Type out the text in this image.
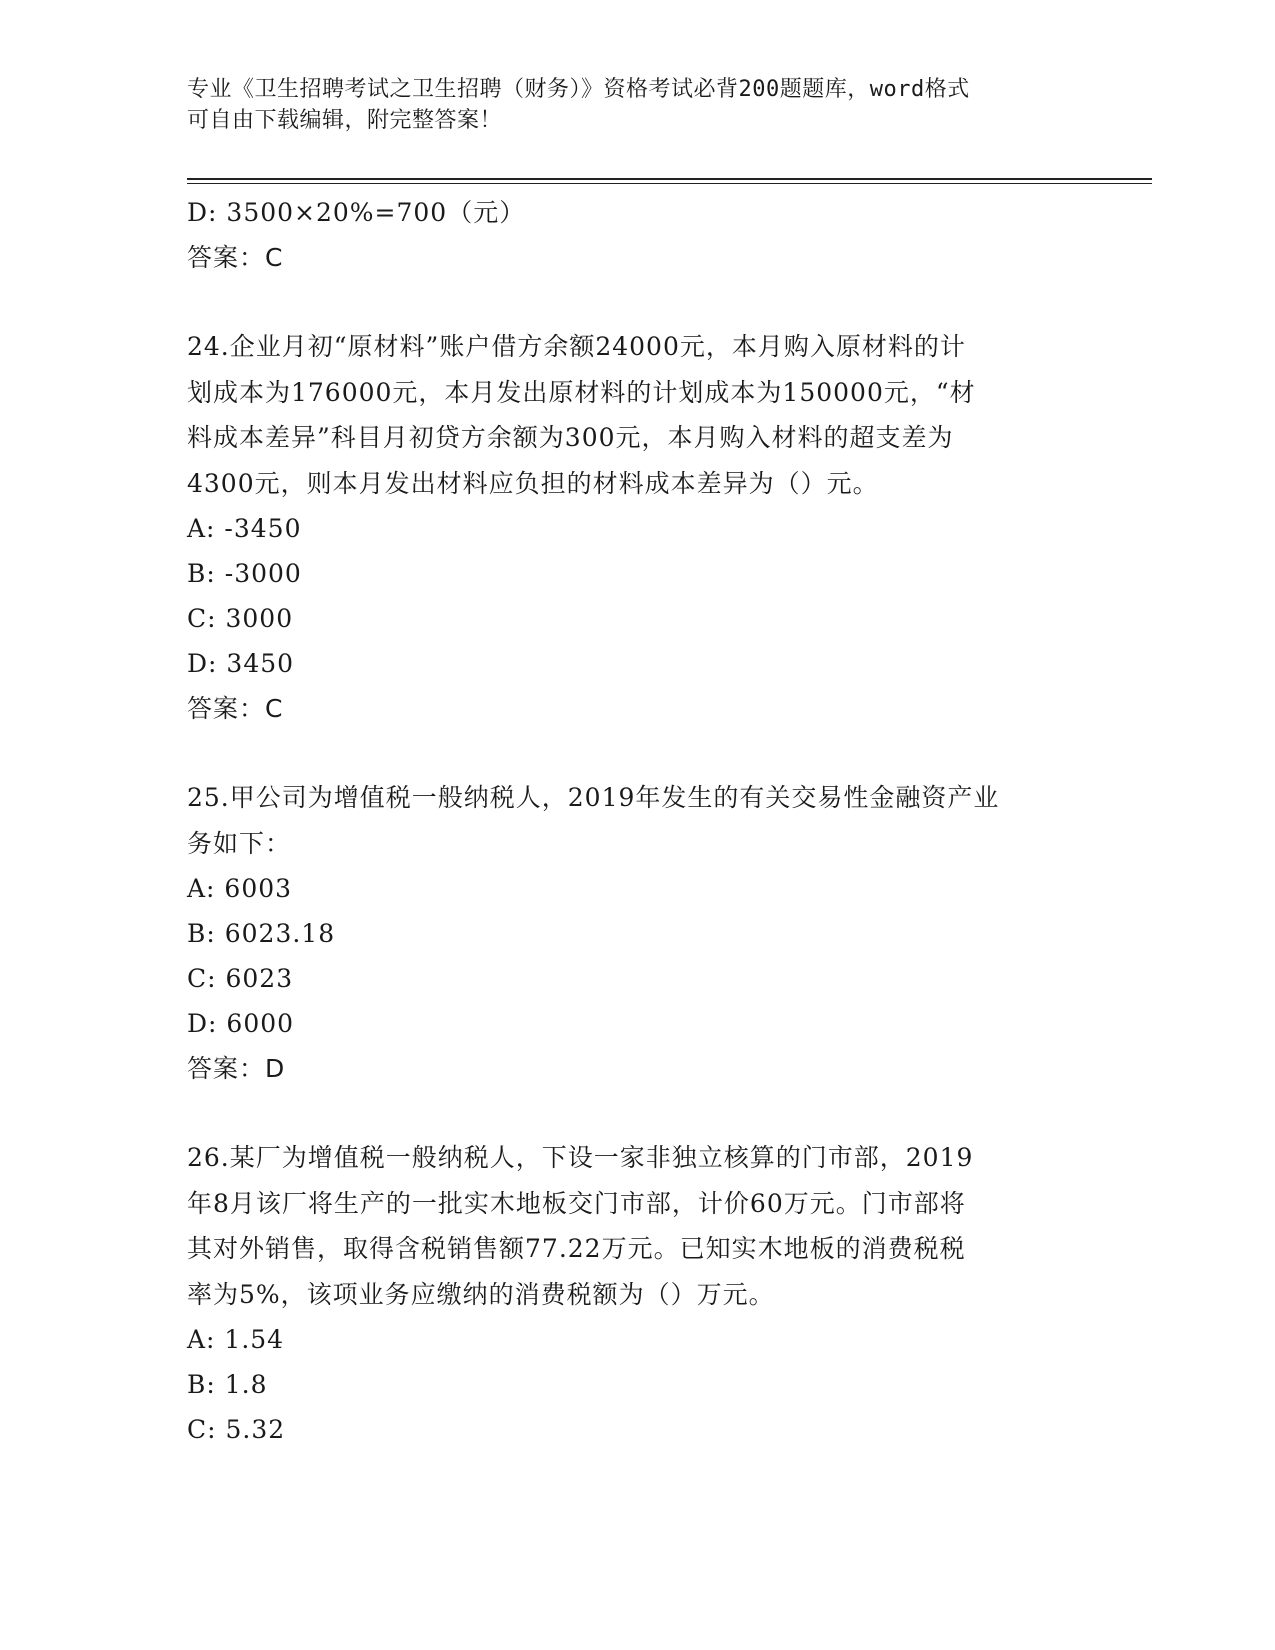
专业《卫生招聘考试之卫生招聘（财务）》资格考试必背200题题库，word格式
可自由下载编辑，附完整答案！
D: 3500×20%=700（元）
答案：C
24.企业月初“原材料”账户借方余额24000元，本月购入原材料的计
划成本为176000元，本月发出原材料的计划成本为150000元，“材
料成本差异”科目月初贷方余额为300元，本月购入材料的超支差为
4300元，则本月发出材料应负担的材料成本差异为（）元。
A: -3450
B: -3000
C: 3000
D: 3450
答案：C
25.甲公司为增值税一般纳税人，2019年发生的有关交易性金融资产业
务如下：
A: 6003
B: 6023.18
C: 6023
D: 6000
答案：D
26.某厂为增值税一般纳税人，下设一家非独立核算的门市部，2019
年8月该厂将生产的一批实木地板交门市部，计价60万元。门市部将
其对外销售，取得含税销售额77.22万元。已知实木地板的消费税税
率为5%，该项业务应缴纳的消费税额为（）万元。
A: 1.54
B: 1.8
C: 5.32
